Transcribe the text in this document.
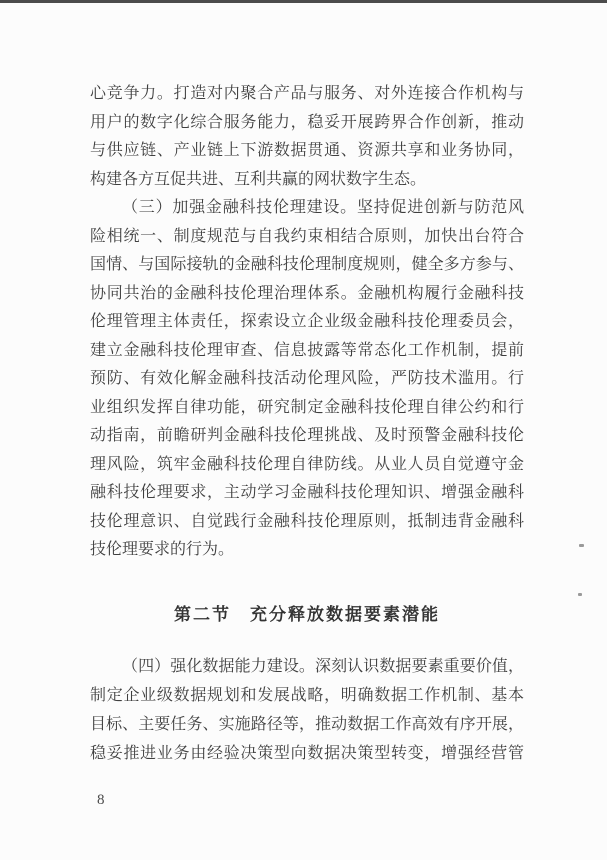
心竞争力。打造对内聚合产品与服务、对外连接合作机构与
用户的数字化综合服务能力，稳妥开展跨界合作创新，推动
与供应链、产业链上下游数据贯通、资源共享和业务协同，
构建各方互促共进、互利共赢的网状数字生态。
（三）加强金融科技伦理建设。坚持促进创新与防范风
险相统一、制度规范与自我约束相结合原则，加快出台符合
国情、与国际接轨的金融科技伦理制度规则，健全多方参与、
协同共治的金融科技伦理治理体系。金融机构履行金融科技
伦理管理主体责任，探索设立企业级金融科技伦理委员会，
建立金融科技伦理审查、信息披露等常态化工作机制，提前
预防、有效化解金融科技活动伦理风险，严防技术滥用。行
业组织发挥自律功能，研究制定金融科技伦理自律公约和行
动指南，前瞻研判金融科技伦理挑战、及时预警金融科技伦
理风险，筑牢金融科技伦理自律防线。从业人员自觉遵守金
融科技伦理要求，主动学习金融科技伦理知识、增强金融科
技伦理意识、自觉践行金融科技伦理原则，抵制违背金融科
技伦理要求的行为。
第二节　充分释放数据要素潜能
（四）强化数据能力建设。深刻认识数据要素重要价值，
制定企业级数据规划和发展战略，明确数据工作机制、基本
目标、主要任务、实施路径等，推动数据工作高效有序开展，
稳妥推进业务由经验决策型向数据决策型转变，增强经营管
8
